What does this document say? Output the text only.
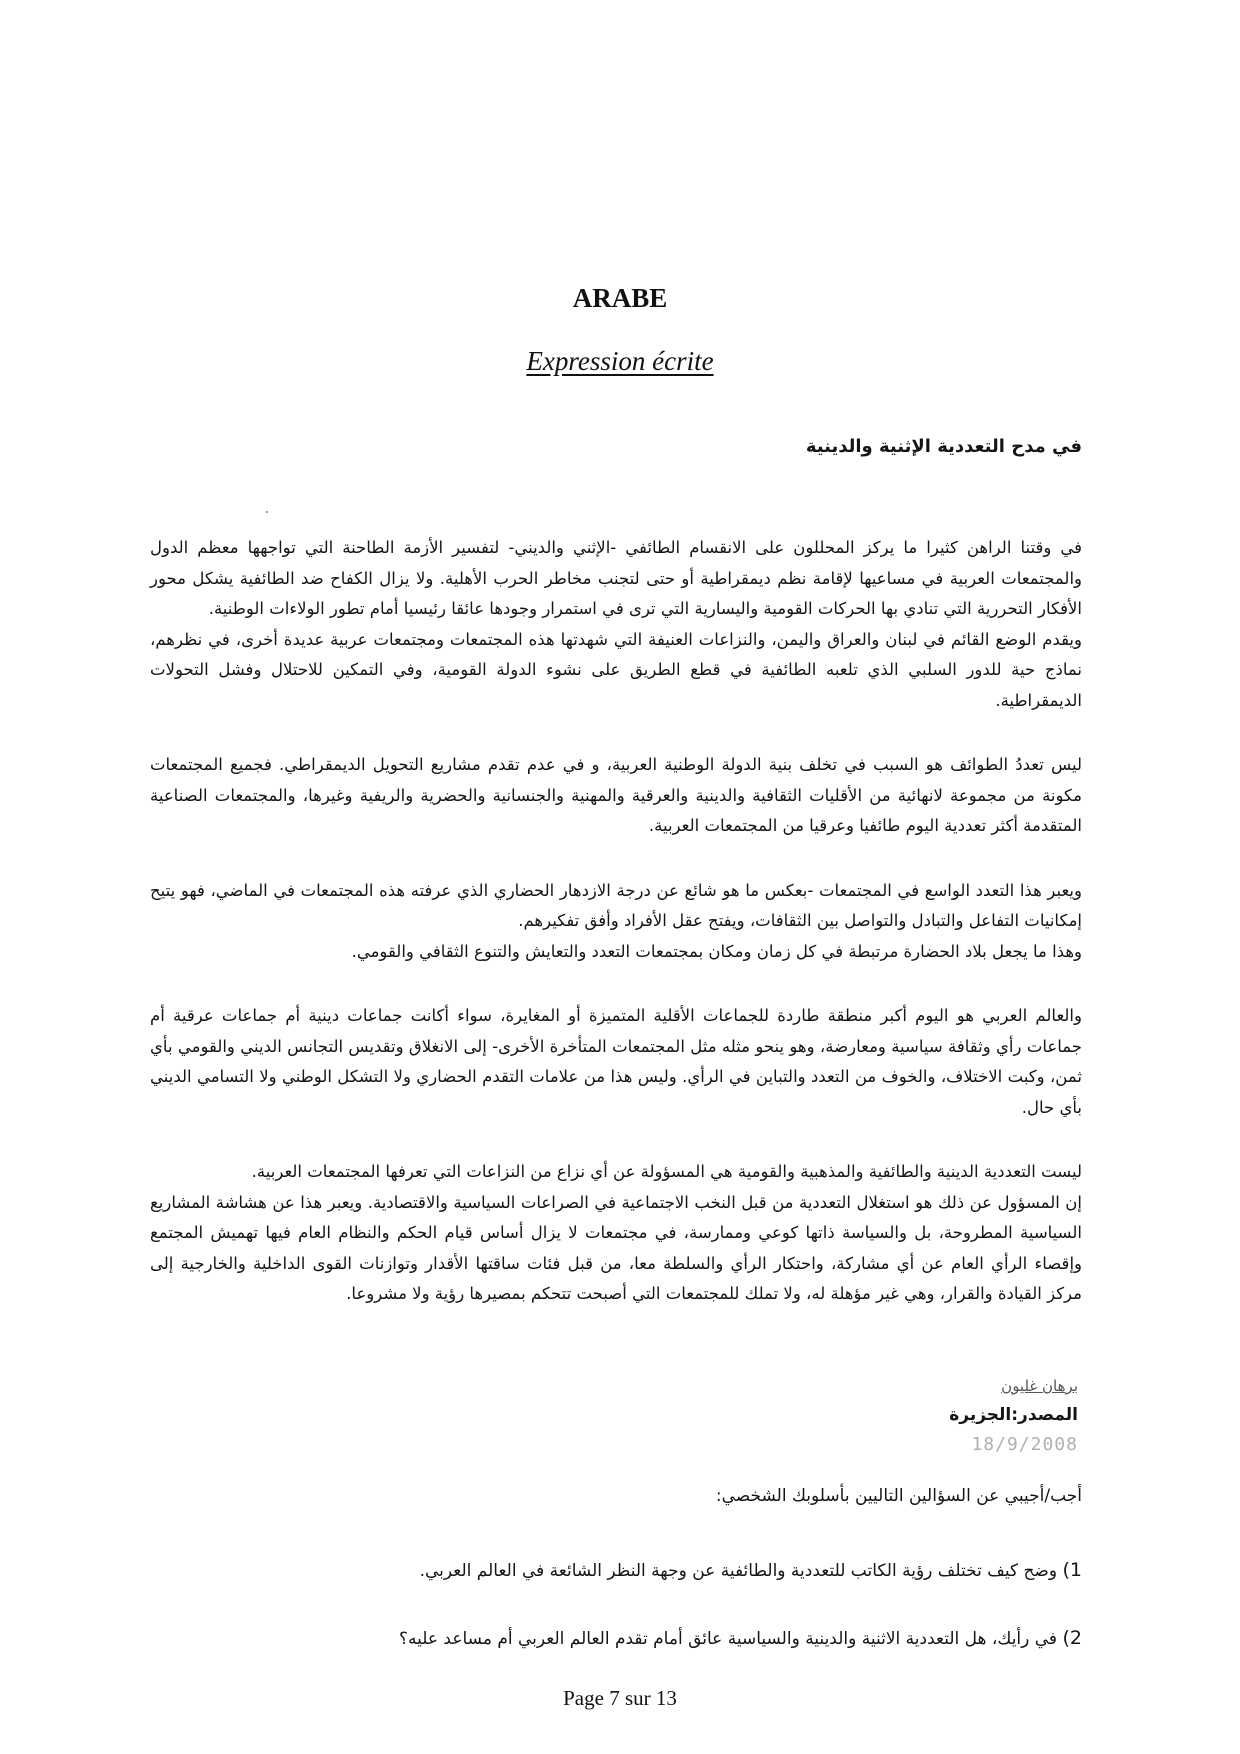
ARABE
Expression écrite
في مدح التعددية الإثنية والدينية

في وقتنا الراهن كثيرا ما يركز المحللون على الانقسام الطائفي -الإثني والديني- لتفسير الأزمة الطاحنة التي تواجهها معظم الدول والمجتمعات العربية في مساعيها لإقامة نظم ديمقراطية أو حتى لتجنب مخاطر الحرب الأهلية. ولا يزال الكفاح ضد الطائفية يشكل محور الأفكار التحررية التي تنادي بها الحركات القومية واليسارية التي ترى في استمرار وجودها عائقا رئيسيا أمام تطور الولاءات الوطنية.

ويقدم الوضع القائم في لبنان والعراق واليمن، والنزاعات العنيفة التي شهدتها هذه المجتمعات ومجتمعات عربية عديدة أخرى، في نظرهم، نماذج حية للدور السلبي الذي تلعبه الطائفية في قطع الطريق على نشوء الدولة القومية، وفي التمكين للاحتلال وفشل التحولات الديمقراطية.

ليس تعددُ الطوائف هو السبب في تخلف بنية الدولة الوطنية العربية، و في عدم تقدم مشاريع التحويل الديمقراطي. فجميع المجتمعات مكونة من مجموعة لانهائية من الأقليات الثقافية والدينية والعرقية والمهنية والجنسانية والحضرية والريفية وغيرها، والمجتمعات الصناعية المتقدمة أكثر تعددية اليوم طائفيا وعرقيا من المجتمعات العربية.

ويعبر هذا التعدد الواسع في المجتمعات -بعكس ما هو شائع عن درجة الازدهار الحضاري الذي عرفته هذه المجتمعات في الماضي، فهو يتيح إمكانيات التفاعل والتبادل والتواصل بين الثقافات، ويفتح عقل الأفراد وأفق تفكيرهم.

وهذا ما يجعل بلاد الحضارة مرتبطة في كل زمان ومكان بمجتمعات التعدد والتعايش والتنوع الثقافي والقومي.

والعالم العربي هو اليوم أكبر منطقة طاردة للجماعات الأقلية المتميزة أو المغايرة، سواء أكانت جماعات دينية أم جماعات عرقية أم جماعات رأي وثقافة سياسية ومعارضة، وهو ينحو مثله مثل المجتمعات المتأخرة الأخرى- إلى الانغلاق وتقديس التجانس الديني والقومي بأي ثمن، وكبت الاختلاف، والخوف من التعدد والتباين في الرأي. وليس هذا من علامات التقدم الحضاري ولا التشكل الوطني ولا التسامي الديني بأي حال.

ليست التعددية الدينية والطائفية والمذهبية والقومية هي المسؤولة عن أي نزاع من النزاعات التي تعرفها المجتمعات العربية.

إن المسؤول عن ذلك هو استغلال التعددية من قبل النخب الاجتماعية في الصراعات السياسية والاقتصادية. ويعبر هذا عن هشاشة المشاريع السياسية المطروحة، بل والسياسة ذاتها كوعي وممارسة، في مجتمعات لا يزال أساس قيام الحكم والنظام العام فيها تهميش المجتمع وإقصاء الرأي العام عن أي مشاركة، واحتكار الرأي والسلطة معا، من قبل فئات ساقتها الأقدار وتوازنات القوى الداخلية والخارجية إلى مركز القيادة والقرار، وهي غير مؤهلة له، ولا تملك للمجتمعات التي أصبحت تتحكم بمصيرها رؤية ولا مشروعا.

برهان غليون
المصدر:الجزيرة
18/9/2008
أجب/أجيبي عن السؤالين التاليين بأسلوبك الشخصي:
1) وضح كيف تختلف رؤية الكاتب للتعددية والطائفية عن وجهة النظر الشائعة في العالم العربي.
2) في رأيك، هل التعددية الاثنية والدينية والسياسية عائق أمام تقدم العالم العربي أم مساعد عليه؟
Page 7 sur 13
